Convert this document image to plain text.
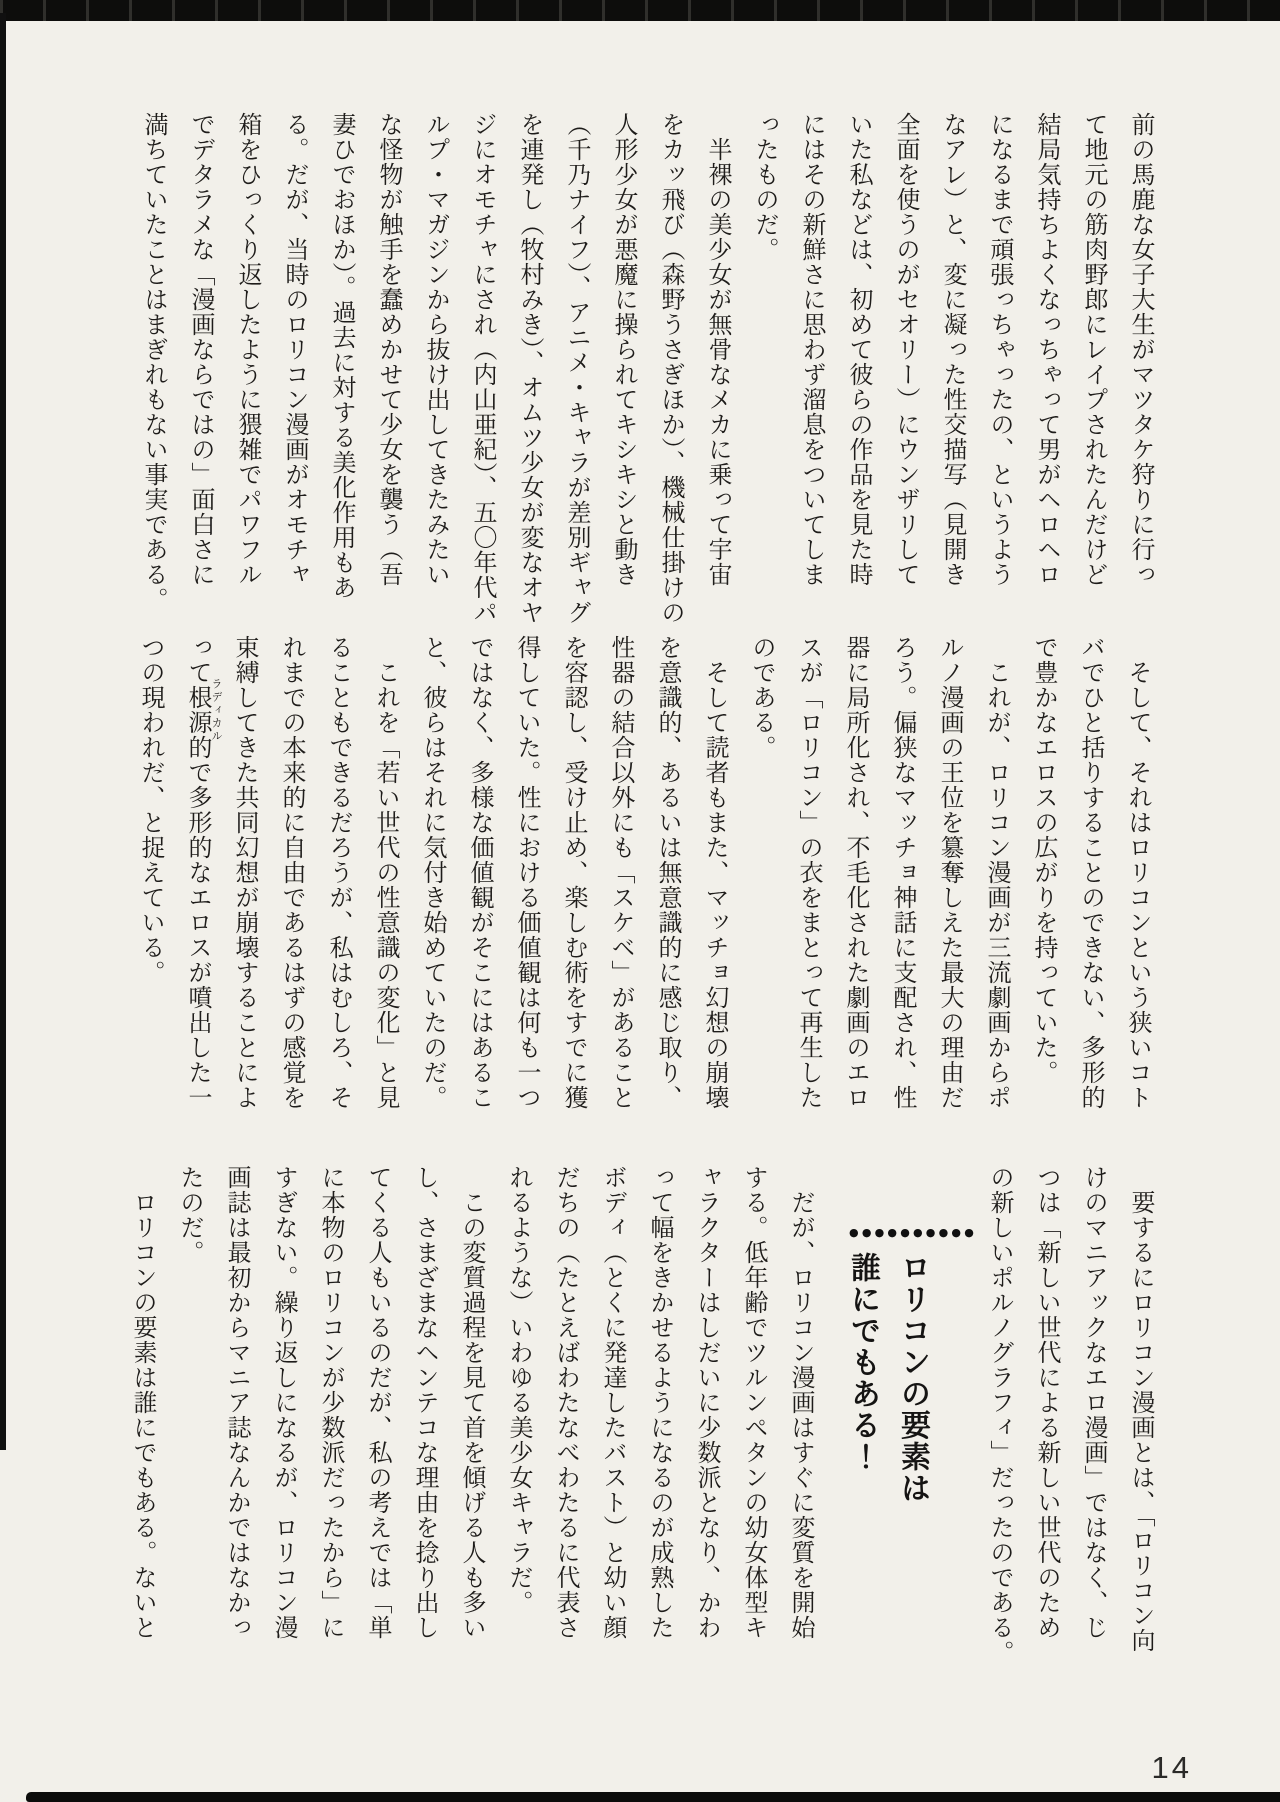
前の馬鹿な女子大生がマツタケ狩りに行っ
て地元の筋肉野郎にレイプされたんだけど
結局気持ちよくなっちゃって男がヘロヘロ
になるまで頑張っちゃったの、というよう
なアレ）と、変に凝った性交描写（見開き
全面を使うのがセオリー）にウンザリして
いた私などは、初めて彼らの作品を見た時
にはその新鮮さに思わず溜息をついてしま
ったものだ。
　半裸の美少女が無骨なメカに乗って宇宙
をカッ飛び（森野うさぎほか）、機械仕掛けの
人形少女が悪魔に操られてキシキシと動き
（千乃ナイフ）、アニメ・キャラが差別ギャグ
を連発し（牧村みき）、オムツ少女が変なオヤ
ジにオモチャにされ（内山亜紀）、五〇年代パ
ルプ・マガジンから抜け出してきたみたい
な怪物が触手を蠢めかせて少女を襲う（吾
妻ひでおほか）。過去に対する美化作用もあ
る。だが、当時のロリコン漫画がオモチャ
箱をひっくり返したように猥雑でパワフル
でデタラメな「漫画ならではの」面白さに
満ちていたことはまぎれもない事実である。
　そして、それはロリコンという狭いコト
バでひと括りすることのできない、多形的
で豊かなエロスの広がりを持っていた。
　これが、ロリコン漫画が三流劇画からポ
ルノ漫画の王位を簒奪しえた最大の理由だ
ろう。偏狭なマッチョ神話に支配され、性
器に局所化され、不毛化された劇画のエロ
スが「ロリコン」の衣をまとって再生した
のである。
　そして読者もまた、マッチョ幻想の崩壊
を意識的、あるいは無意識的に感じ取り、
性器の結合以外にも「スケベ」があること
を容認し、受け止め、楽しむ術をすでに獲
得していた。性における価値観は何も一つ
ではなく、多様な価値観がそこにはあるこ
と、彼らはそれに気付き始めていたのだ。
　これを「若い世代の性意識の変化」と見
ることもできるだろうが、私はむしろ、そ
れまでの本来的に自由であるはずの感覚を
束縛してきた共同幻想が崩壊することによ
って根源的で多形的なエロスが噴出した一
つの現われだ、と捉えている。	ラディカル
　要するにロリコン漫画とは、「ロリコン向
けのマニアックなエロ漫画」ではなく、じ
つは「新しい世代による新しい世代のため
の新しいポルノグラフィ」だったのである。
　だが、ロリコン漫画はすぐに変質を開始
する。低年齢でツルンペタンの幼女体型キ
ャラクターはしだいに少数派となり、かわ
って幅をきかせるようになるのが成熟した
ボディ（とくに発達したバスト）と幼い顔
だちの（たとえばわたなべわたるに代表さ
れるような）いわゆる美少女キャラだ。
　この変質過程を見て首を傾げる人も多い
し、さまざまなヘンテコな理由を捻り出し
てくる人もいるのだが、私の考えでは「単
に本物のロリコンが少数派だったから」に
すぎない。繰り返しになるが、ロリコン漫
画誌は最初からマニア誌なんかではなかっ
たのだ。
　ロリコンの要素は誰にでもある。ないと	●●●●●●●●●●
ロリコンの要素は
誰にでもある！
14
